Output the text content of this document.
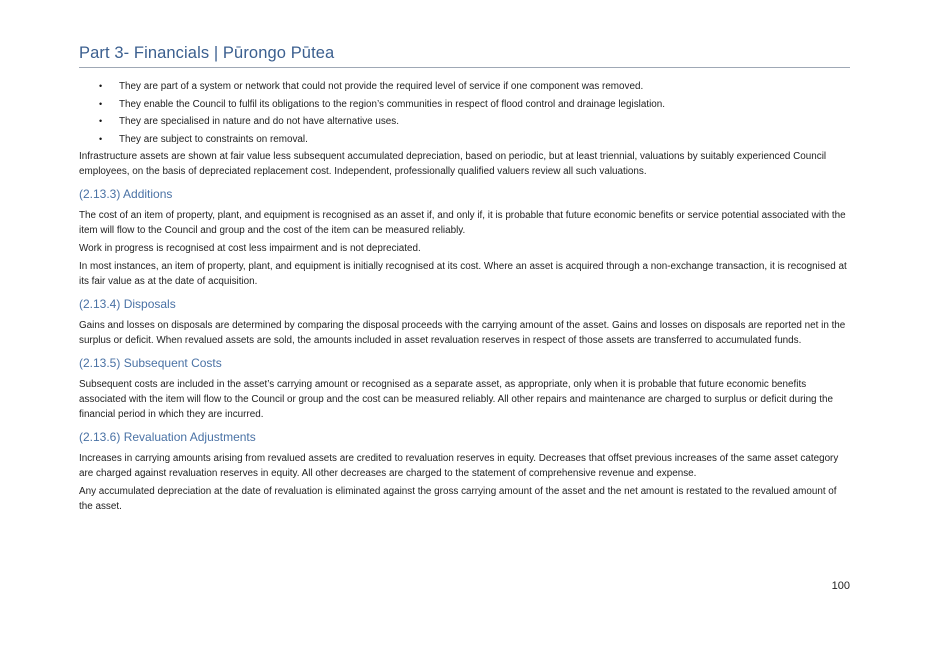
Part 3- Financials | Pūrongo Pūtea
• They are part of a system or network that could not provide the required level of service if one component was removed.
• They enable the Council to fulfil its obligations to the region’s communities in respect of flood control and drainage legislation.
• They are specialised in nature and do not have alternative uses.
• They are subject to constraints on removal.

Infrastructure assets are shown at fair value less subsequent accumulated depreciation, based on periodic, but at least triennial, valuations by suitably experienced Council employees, on the basis of depreciated replacement cost. Independent, professionally qualified valuers review all such valuations.

(2.13.3) Additions

The cost of an item of property, plant, and equipment is recognised as an asset if, and only if, it is probable that future economic benefits or service potential associated with the item will flow to the Council and group and the cost of the item can be measured reliably.

Work in progress is recognised at cost less impairment and is not depreciated.

In most instances, an item of property, plant, and equipment is initially recognised at its cost. Where an asset is acquired through a non-exchange transaction, it is recognised at its fair value as at the date of acquisition.

(2.13.4) Disposals

Gains and losses on disposals are determined by comparing the disposal proceeds with the carrying amount of the asset. Gains and losses on disposals are reported net in the surplus or deficit. When revalued assets are sold, the amounts included in asset revaluation reserves in respect of those assets are transferred to accumulated funds.

(2.13.5) Subsequent Costs

Subsequent costs are included in the asset’s carrying amount or recognised as a separate asset, as appropriate, only when it is probable that future economic benefits associated with the item will flow to the Council or group and the cost can be measured reliably. All other repairs and maintenance are charged to surplus or deficit during the financial period in which they are incurred.

(2.13.6) Revaluation Adjustments

Increases in carrying amounts arising from revalued assets are credited to revaluation reserves in equity. Decreases that offset previous increases of the same asset category are charged against revaluation reserves in equity. All other decreases are charged to the statement of comprehensive revenue and expense.

Any accumulated depreciation at the date of revaluation is eliminated against the gross carrying amount of the asset and the net amount is restated to the revalued amount of the asset.

100
